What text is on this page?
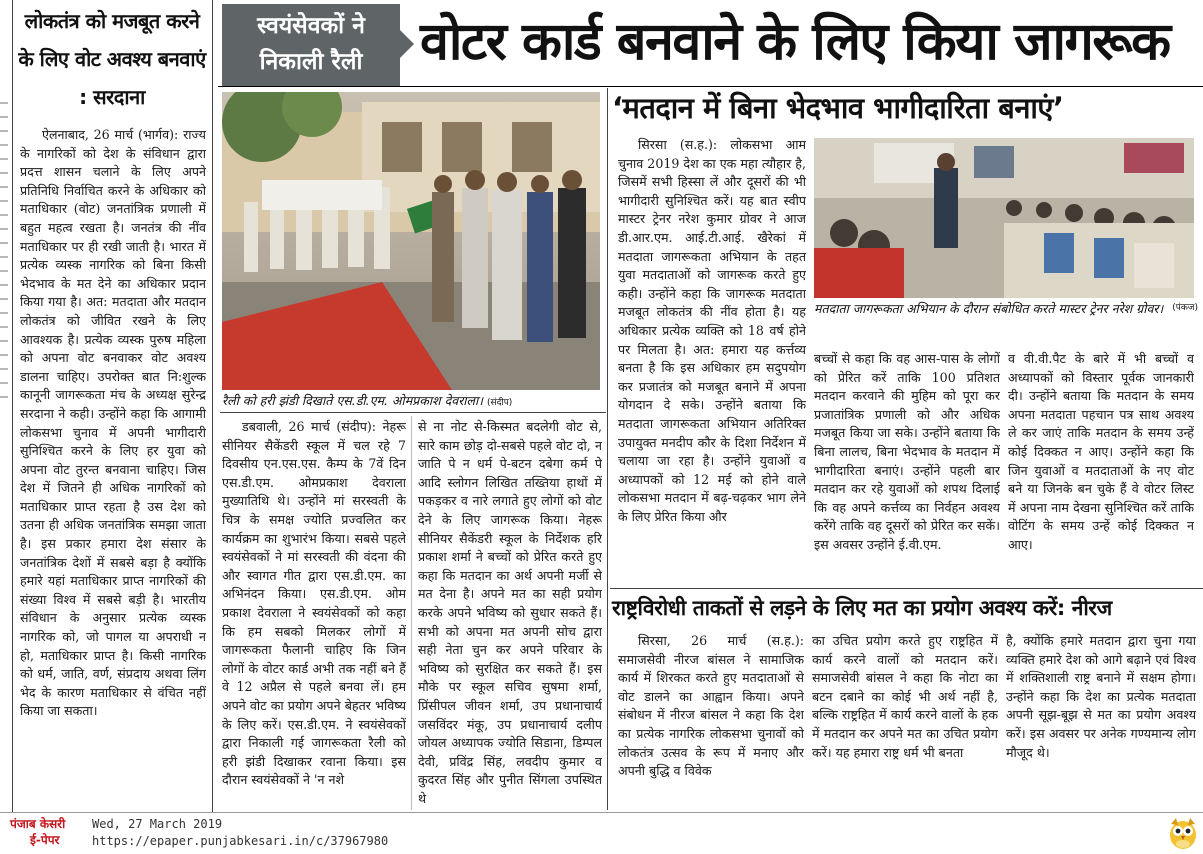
लोकतंत्र को मजबूत करने के लिए वोट अवश्य बनवाएं : सरदाना

ऐलनाबाद, 26 मार्च (भार्गव): राज्य के नागरिकों को देश के संविधान द्वारा प्रदत्त शासन चलाने के लिए अपने प्रतिनिधि निर्वाचित करने के अधिकार को मताधिकार (वोट) जनतांत्रिक प्रणाली में बहुत महत्व रखता है। जनतंत्र की नींव मताधिकार पर ही रखी जाती है। भारत में प्रत्येक व्यस्क नागरिक को बिना किसी भेदभाव के मत देने का अधिकार प्रदान किया गया है। अत: मतदाता और मतदान लोकतंत्र को जीवित रखने के लिए आवश्यक है। प्रत्येक व्यस्क पुरुष महिला को अपना वोट बनवाकर वोट अवश्य डालना चाहिए। उपरोक्त बात नि:शुल्क कानूनी जागरूकता मंच के अध्यक्ष सुरेन्द्र सरदाना ने कही। उन्होंने कहा कि आगामी लोकसभा चुनाव में अपनी भागीदारी सुनिश्चित करने के लिए हर युवा को अपना वोट तुरन्त बनवाना चाहिए। जिस देश में जितने ही अधिक नागरिकों को मताधिकार प्राप्त रहता है उस देश को उतना ही अधिक जनतांत्रिक समझा जाता है। इस प्रकार हमारा देश संसार के जनतांत्रिक देशों में सबसे बड़ा है क्योंकि हमारे यहां मताधिकार प्राप्त नागरिकों की संख्या विश्व में सबसे बड़ी है। भारतीय संविधान के अनुसार प्रत्येक व्यस्क नागरिक को, जो पागल या अपराधी न हो, मताधिकार प्राप्त है। किसी नागरिक को धर्म, जाति, वर्ण, संप्रदाय अथवा लिंग भेद के कारण मताधिकार से वंचित नहीं किया जा सकता।

स्वयंसेवकों ने निकाली रैली	वोटर कार्ड बनवाने के लिए किया जागरूक
रैली को हरी झंडी दिखाते एस.डी.एम. ओमप्रकाश देवराला। (संदीप)

डबवाली, 26 मार्च (संदीप): नेहरू सीनियर सैकेंडरी स्कूल में चल रहे 7 दिवसीय एन.एस.एस. कैम्प के 7वें दिन एस.डी.एम. ओमप्रकाश देवराला मुख्यातिथि थे। उन्होंने मां सरस्वती के चित्र के समक्ष ज्योति प्रज्वलित कर कार्यक्रम का शुभारंभ किया। सबसे पहले स्वयंसेवकों ने मां सरस्वती की वंदना की और स्वागत गीत द्वारा एस.डी.एम. का अभिनंदन किया। एस.डी.एम. ओम प्रकाश देवराला ने स्वयंसेवकों को कहा कि हम सबको मिलकर लोगों में जागरूकता फैलानी चाहिए कि जिन लोगों के वोटर कार्ड अभी तक नहीं बने हैं वे 12 अप्रैल से पहले बनवा लें। हम अपने वोट का प्रयोग अपने बेहतर भविष्य के लिए करें। एस.डी.एम. ने स्वयंसेवकों द्वारा निकाली गई जागरूकता रैली को हरी झंडी दिखाकर रवाना किया। इस दौरान स्वयंसेवकों ने 'न नशे

से ना नोट से-किस्मत बदलेगी वोट से, सारे काम छोड़ दो-सबसे पहले वोट दो, न जाति पे न धर्म पे-बटन दबेगा कर्म पे आदि स्लोगन लिखित तख्तिया हाथों में पकड़कर व नारे लगाते हुए लोगों को वोट देने के लिए जागरूक किया। नेहरू सीनियर सैकेंडरी स्कूल के निर्देशक हरि प्रकाश शर्मा ने बच्चों को प्रेरित करते हुए कहा कि मतदान का अर्थ अपनी मर्जी से मत देना है। अपने मत का सही प्रयोग करके अपने भविष्य को सुधार सकते हैं। सभी को अपना मत अपनी सोच द्वारा सही नेता चुन कर अपने परिवार के भविष्य को सुरक्षित कर सकते हैं। इस मौके पर स्कूल सचिव सुषमा शर्मा, प्रिंसीपल जीवन शर्मा, उप प्रधानाचार्य जसविंदर मंकू, उप प्रधानाचार्य दलीप जोयल अध्यापक ज्योति सिडाना, डिम्पल देवी, प्रविंद्र सिंह, लवदीप कुमार व कुदरत सिंह और पुनीत सिंगला उपस्थित थे

‘मतदान में बिना भेदभाव भागीदारिता बनाएं’

सिरसा (स.ह.): लोकसभा आम चुनाव 2019 देश का एक महा त्यौहार है, जिसमें सभी हिस्सा लें और दूसरों की भी भागीदारी सुनिश्चित करें। यह बात स्वीप मास्टर ट्रेनर नरेश कुमार ग्रोवर ने आज डी.आर.एम. आई.टी.आई. खैरेकां में मतदाता जागरूकता अभियान के तहत युवा मतदाताओं को जागरूक करते हुए कही। उन्होंने कहा कि जागरूक मतदाता मजबूत लोकतंत्र की नींव होता है। यह अधिकार प्रत्येक व्यक्ति को 18 वर्ष होने पर मिलता है। अत: हमारा यह कर्त्तव्य बनता है कि इस अधिकार हम सदुपयोग कर प्रजातंत्र को मजबूत बनाने में अपना योगदान दे सके। उन्होंने बताया कि मतदाता जागरूकता अभियान अतिरिक्त उपायुक्त मनदीप कौर के दिशा निर्देशन में चलाया जा रहा है। उन्होंने युवाओं व अध्यापकों को 12 मई को होने वाले लोकसभा मतदान में बढ़-चढ़कर भाग लेने के लिए प्रेरित किया और

मतदाता जागरूकता अभियान के दौरान संबोधित करते मास्टर ट्रेनर नरेश ग्रोवर। (पंकज)

बच्चों से कहा कि वह आस-पास के लोगों को प्रेरित करें ताकि 100 प्रतिशत मतदान करवाने की मुहिम को पूरा कर प्रजातांत्रिक प्रणाली को और अधिक मजबूत किया जा सके। उन्होंने बताया कि बिना लालच, बिना भेदभाव के मतदान में भागीदारिता बनाएं। उन्होंने पहली बार मतदान कर रहे युवाओं को शपथ दिलाई कि वह अपने कर्त्तव्य का निर्वहन अवश्य करेंगे ताकि वह दूसरों को प्रेरित कर सकें। इस अवसर उन्होंने ई.वी.एम.

व वी.वी.पैट के बारे में भी बच्चों व अध्यापकों को विस्तार पूर्वक जानकारी दी। उन्होंने बताया कि मतदान के समय अपना मतदाता पहचान पत्र साथ अवश्य ले कर जाएं ताकि मतदान के समय उन्हें कोई दिक्कत न आए। उन्होंने कहा कि जिन युवाओं व मतदाताओं के नए वोट बने या जिनके बन चुके हैं वे वोटर लिस्ट में अपना नाम देखना सुनिश्चित करें ताकि वोटिंग के समय उन्हें कोई दिक्कत न आए।

राष्ट्रविरोधी ताकतों से लड़ने के लिए मत का प्रयोग अवश्य करें: नीरज

सिरसा, 26 मार्च (स.ह.): समाजसेवी नीरज बांसल ने सामाजिक कार्य में शिरकत करते हुए मतदाताओं से वोट डालने का आह्वान किया। अपने संबोधन में नीरज बांसल ने कहा कि देश का प्रत्येक नागरिक लोकसभा चुनावों को लोकतंत्र उत्सव के रूप में मनाए और अपनी बुद्धि व विवेक

का उचित प्रयोग करते हुए राष्ट्रहित में कार्य करने वालों को मतदान करें। समाजसेवी बांसल ने कहा कि नोटा का बटन दबाने का कोई भी अर्थ नहीं है, बल्कि राष्ट्रहित में कार्य करने वालों के हक में मतदान कर अपने मत का उचित प्रयोग करें। यह हमारा राष्ट्र धर्म भी बनता

है, क्योंकि हमारे मतदान द्वारा चुना गया व्यक्ति हमारे देश को आगे बढ़ाने एवं विश्व में शक्तिशाली राष्ट्र बनाने में सक्षम होगा। उन्होंने कहा कि देश का प्रत्येक मतदाता अपनी सूझ-बूझ से मत का प्रयोग अवश्य करें। इस अवसर पर अनेक गण्यमान्य लोग मौजूद थे।

पंजाब केसरी
ई-पेपर
Wed, 27 March 2019
https://epaper.punjabkesari.in/c/37967980
